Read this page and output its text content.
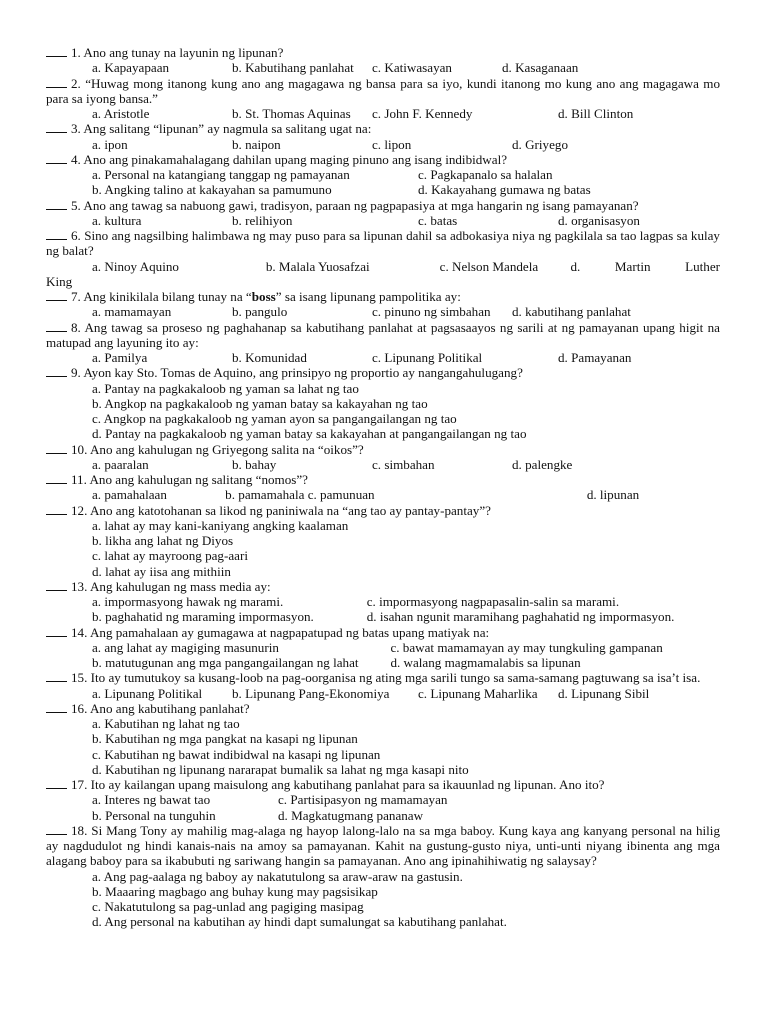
1. Ano ang tunay na layunin ng lipunan?
a. Kapayapaan	b. Kabutihang panlahat	c. Katiwasayan	d. Kasaganaan
2. “Huwag mong itanong kung ano ang magagawa ng bansa para sa iyo, kundi itanong mo kung ano ang magagawa mo para sa iyong bansa.”
a. Aristotle	b. St. Thomas Aquinas	c. John F. Kennedy	d. Bill Clinton
3. Ang salitang “lipunan” ay nagmula sa salitang ugat na:
a. ipon	b. naipon	c. lipon	d. Griyego
4. Ano ang pinakamahalagang dahilan upang maging pinuno ang isang indibidwal?
a. Personal na katangiang tanggap ng pamayanan	c. Pagkapanalo sa halalan
b. Angking talino at kakayahan sa pamumuno	d. Kakayahang gumawa ng batas
5. Ano ang tawag sa nabuong gawi, tradisyon, paraan ng pagpapasiya at mga hangarin ng isang pamayanan?
a. kultura	b. relihiyon	c. batas	d. organisasyon
6. Sino ang nagsilbing halimbawa ng may puso para sa lipunan dahil sa adbokasiya niya ng pagkilala sa tao lagpas sa kulay ng balat?
a. Ninoy Aquino	b. Malala Yuosafzai	c. Nelson Mandela	d. Martin Luther
King
7. Ang kinikilala bilang tunay na “boss” sa isang lipunang pampolitika ay:
a. mamamayan	b. pangulo	c. pinuno ng simbahan	d. kabutihang panlahat
8. Ang tawag sa proseso ng paghahanap sa kabutihang panlahat at pagsasaayos ng sarili at ng pamayanan upang higit na matupad ang layuning ito ay:
a. Pamilya	b. Komunidad	c. Lipunang Politikal	d. Pamayanan
9. Ayon kay Sto. Tomas de Aquino, ang prinsipyo ng proportio ay nangangahulugang?
a. Pantay na pagkakaloob ng yaman sa lahat ng tao
b. Angkop na pagkakaloob ng yaman batay sa kakayahan ng tao
c. Angkop na pagkakaloob ng yaman ayon sa pangangailangan ng tao
d. Pantay na pagkakaloob ng yaman batay sa kakayahan at pangangailangan ng tao
10. Ano ang kahulugan ng Griyegong salita na “oikos”?
a. paaralan	b. bahay	c. simbahan	d. palengke
11. Ano ang kahulugan ng salitang “nomos”?
a. pamahalaan	b. pamamahala c. pamunuan	d. lipunan
12. Ano ang katotohanan sa likod ng paniniwala na “ang tao ay pantay-pantay”?
a. lahat ay may kani-kaniyang angking kaalaman
b. likha ang lahat ng Diyos
c. lahat ay mayroong pag-aari
d. lahat ay iisa ang mithiin
13. Ang kahulugan ng mass media ay:
a. impormasyong hawak ng marami.	c. impormasyong nagpapasalin-salin sa marami.
b. paghahatid ng maraming impormasyon.	d. isahan ngunit maramihang paghahatid ng impormasyon.
14. Ang pamahalaan ay gumagawa at nagpapatupad ng batas upang matiyak na:
a. ang lahat ay magiging masunurin	c. bawat mamamayan ay may tungkuling gampanan
b. matutugunan ang mga pangangailangan ng lahat	d. walang magmamalabis sa lipunan
15. Ito ay tumutukoy sa kusang-loob na pag-oorganisa ng ating mga sarili tungo sa sama-samang pagtuwang sa isa’t isa.
a. Lipunang Politikal	b. Lipunang Pang-Ekonomiya	c. Lipunang Maharlika	d. Lipunang Sibil
16. Ano ang kabutihang panlahat?
a. Kabutihan ng lahat ng tao
b. Kabutihan ng mga pangkat na kasapi ng lipunan
c. Kabutihan ng bawat indibidwal na kasapi ng lipunan
d. Kabutihan ng lipunang nararapat bumalik sa lahat ng mga kasapi nito
17. Ito ay kailangan upang maisulong ang kabutihang panlahat para sa ikauunlad ng lipunan. Ano ito?
a. Interes ng bawat tao	c. Partisipasyon ng mamamayan
b. Personal na tunguhin	d. Magkatugmang pananaw
18. Si Mang Tony ay mahilig mag-alaga ng hayop lalong-lalo na sa mga baboy. Kung kaya ang kanyang personal na hilig ay nagdudulot ng hindi kanais-nais na amoy sa pamayanan. Kahit na gustung-gusto niya, unti-unti niyang ibinenta ang mga alagang baboy para sa ikabubuti ng sariwang hangin sa pamayanan. Ano ang ipinahihiwatig ng salaysay?
a. Ang pag-aalaga ng baboy ay nakatutulong sa araw-araw na gastusin.
b. Maaaring magbago ang buhay kung may pagsisikap
c. Nakatutulong sa pag-unlad ang pagiging masipag
d. Ang personal na kabutihan ay hindi dapt sumalungat sa kabutihang panlahat.
